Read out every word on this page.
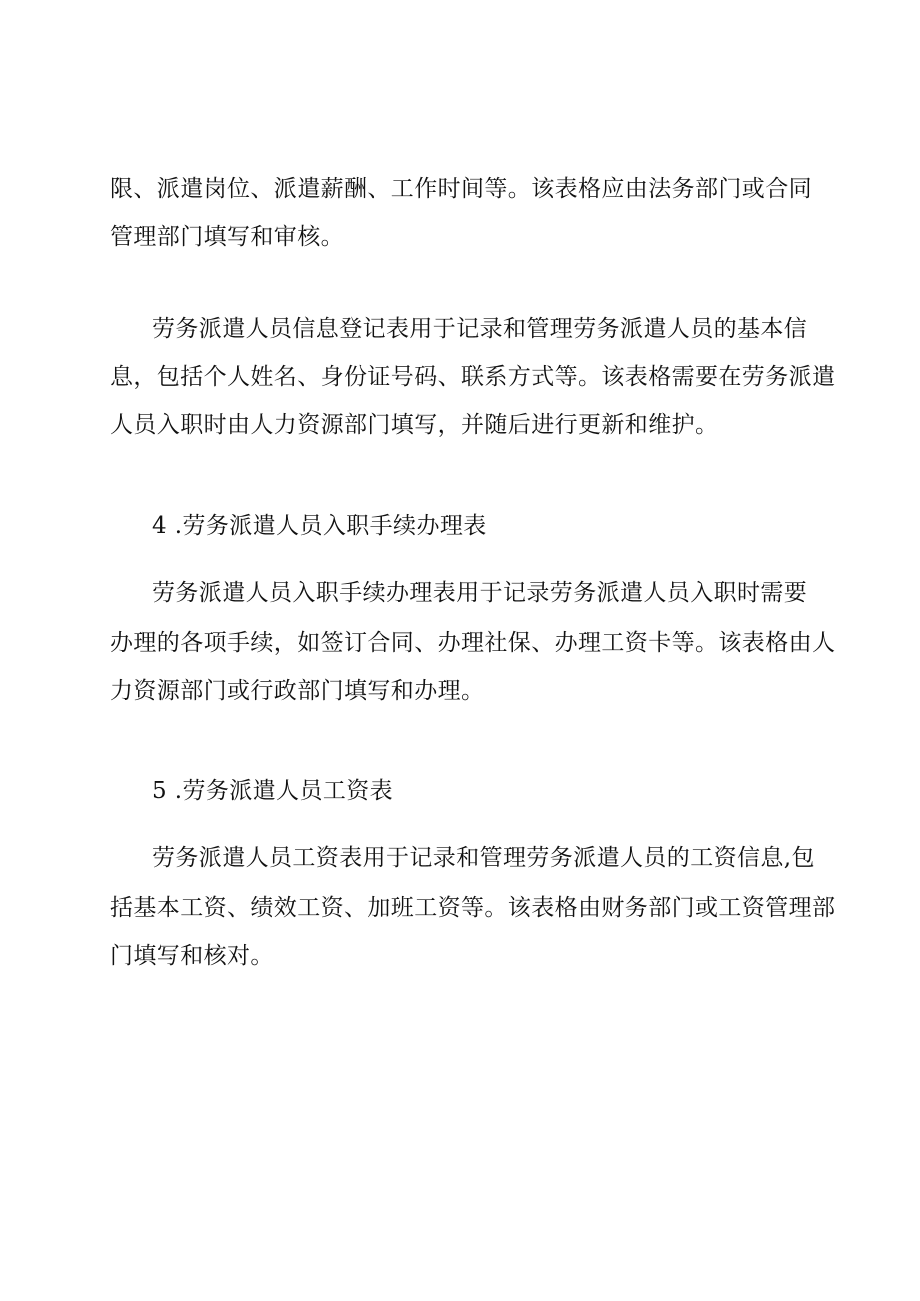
限、派遣岗位、派遣薪酬、工作时间等。该表格应由法务部门或合同
管理部门填写和审核。
劳务派遣人员信息登记表用于记录和管理劳务派遣人员的基本信
息，包括个人姓名、身份证号码、联系方式等。该表格需要在劳务派遣
人员入职时由人力资源部门填写，并随后进行更新和维护。
4 .劳务派遣人员入职手续办理表
劳务派遣人员入职手续办理表用于记录劳务派遣人员入职时需要
办理的各项手续，如签订合同、办理社保、办理工资卡等。该表格由人
力资源部门或行政部门填写和办理。
5 .劳务派遣人员工资表
劳务派遣人员工资表用于记录和管理劳务派遣人员的工资信息,包
括基本工资、绩效工资、加班工资等。该表格由财务部门或工资管理部
门填写和核对。
